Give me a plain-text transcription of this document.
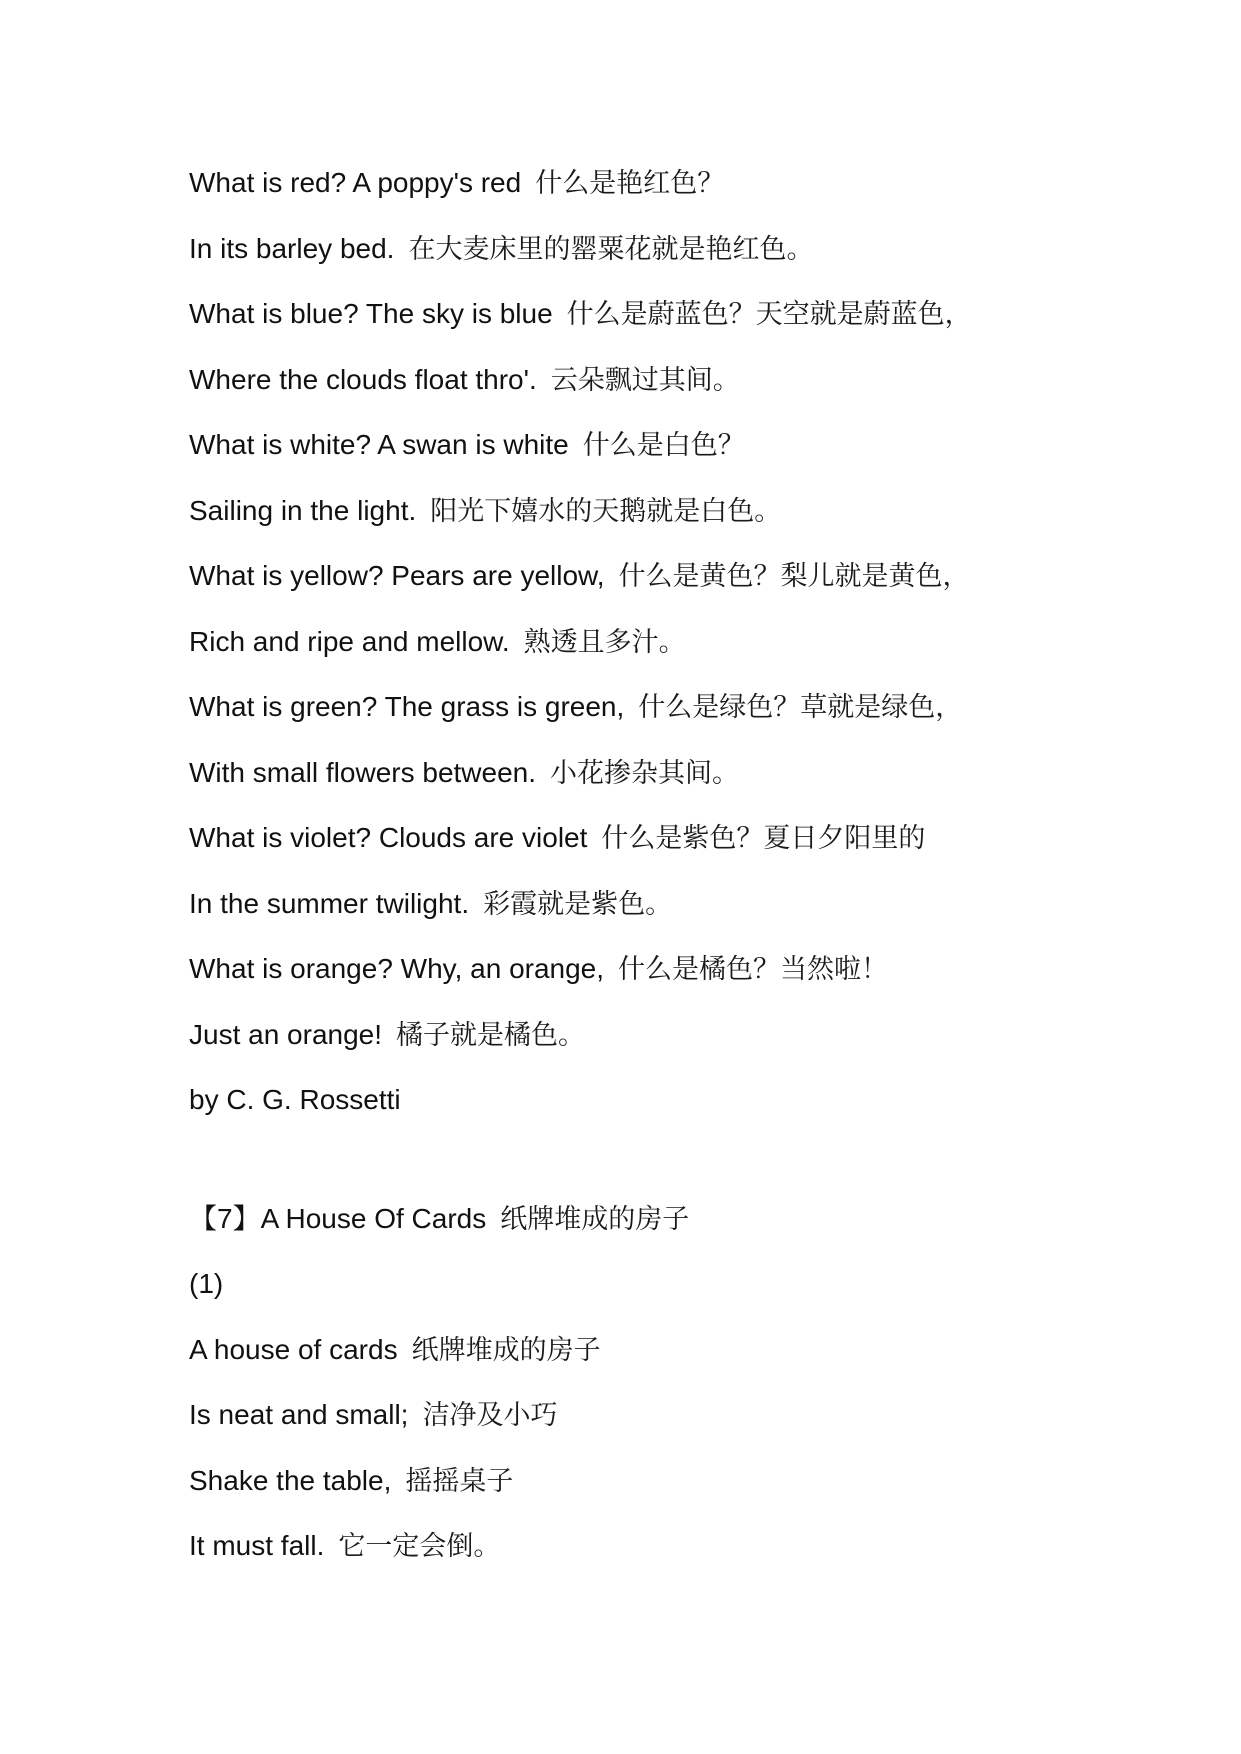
What is red? A poppy's red 什么是艳红色？
In its barley bed. 在大麦床里的罂粟花就是艳红色。
What is blue? The sky is blue 什么是蔚蓝色？天空就是蔚蓝色，
Where the clouds float thro'. 云朵飘过其间。
What is white? A swan is white 什么是白色？
Sailing in the light. 阳光下嬉水的天鹅就是白色。
What is yellow? Pears are yellow, 什么是黄色？梨儿就是黄色，
Rich and ripe and mellow. 熟透且多汁。
What is green? The grass is green, 什么是绿色？草就是绿色，
With small flowers between. 小花掺杂其间。
What is violet? Clouds are violet 什么是紫色？夏日夕阳里的
In the summer twilight. 彩霞就是紫色。
What is orange? Why, an orange, 什么是橘色？当然啦！
Just an orange! 橘子就是橘色。
by C. G. Rossetti
【7】A House Of Cards 纸牌堆成的房子
(1)
A house of cards 纸牌堆成的房子
Is neat and small; 洁净及小巧
Shake the table, 摇摇桌子
It must fall. 它一定会倒。
